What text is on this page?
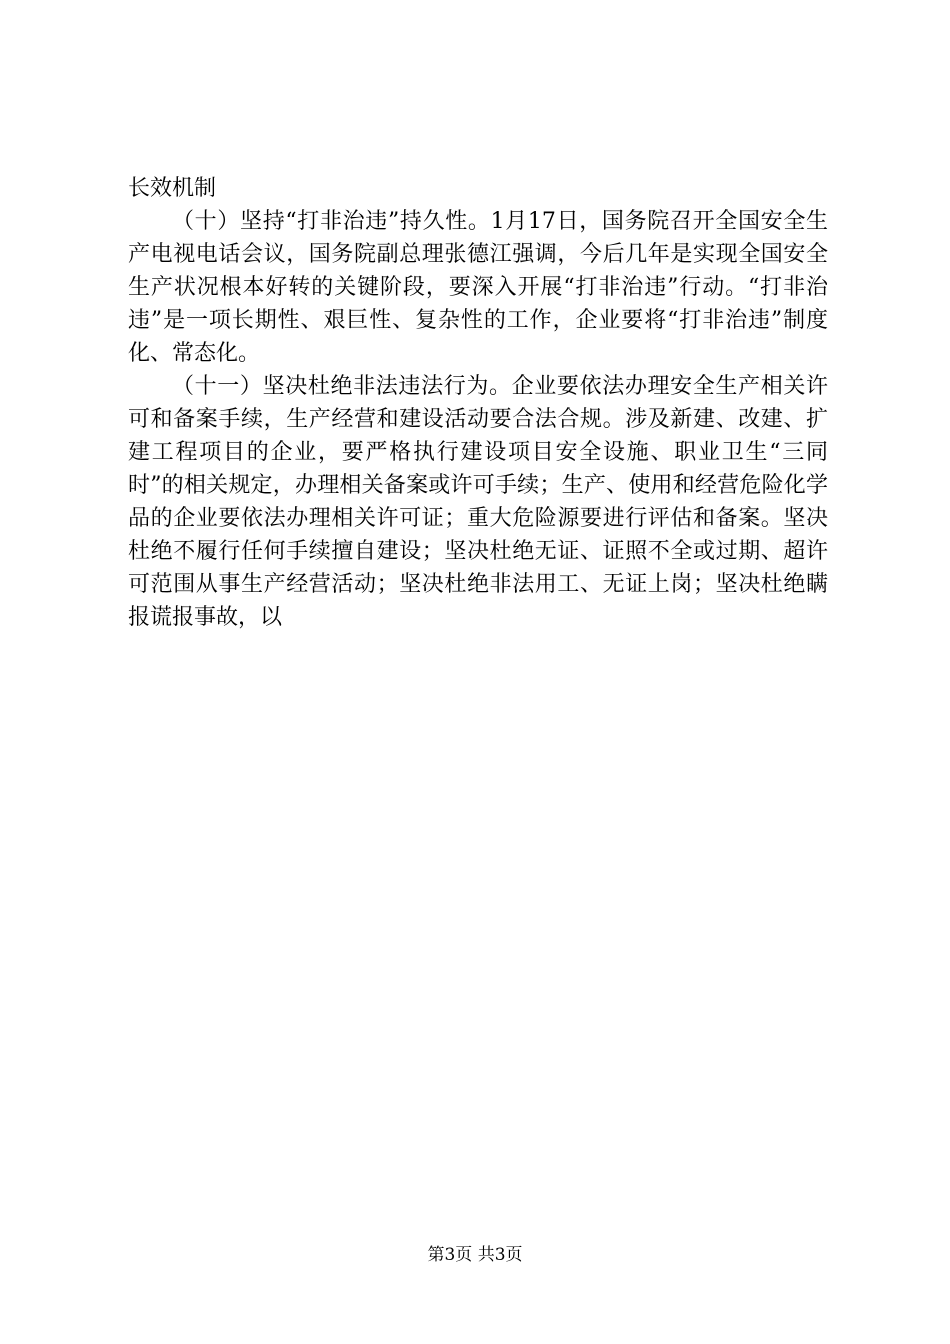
长效机制

（十）坚持“打非治违”持久性。1月17日，国务院召开全国安全生产电视电话会议，国务院副总理张德江强调，今后几年是实现全国安全生产状况根本好转的关键阶段，要深入开展“打非治违”行动。“打非治违”是一项长期性、艰巨性、复杂性的工作，企业要将“打非治违”制度化、常态化。

（十一）坚决杜绝非法违法行为。企业要依法办理安全生产相关许可和备案手续，生产经营和建设活动要合法合规。涉及新建、改建、扩建工程项目的企业，要严格执行建设项目安全设施、职业卫生“三同时”的相关规定，办理相关备案或许可手续；生产、使用和经营危险化学品的企业要依法办理相关许可证；重大危险源要进行评估和备案。坚决杜绝不履行任何手续擅自建设；坚决杜绝无证、证照不全或过期、超许可范围从事生产经营活动；坚决杜绝非法用工、无证上岗；坚决杜绝瞒报谎报事故，以

第3页 共3页
